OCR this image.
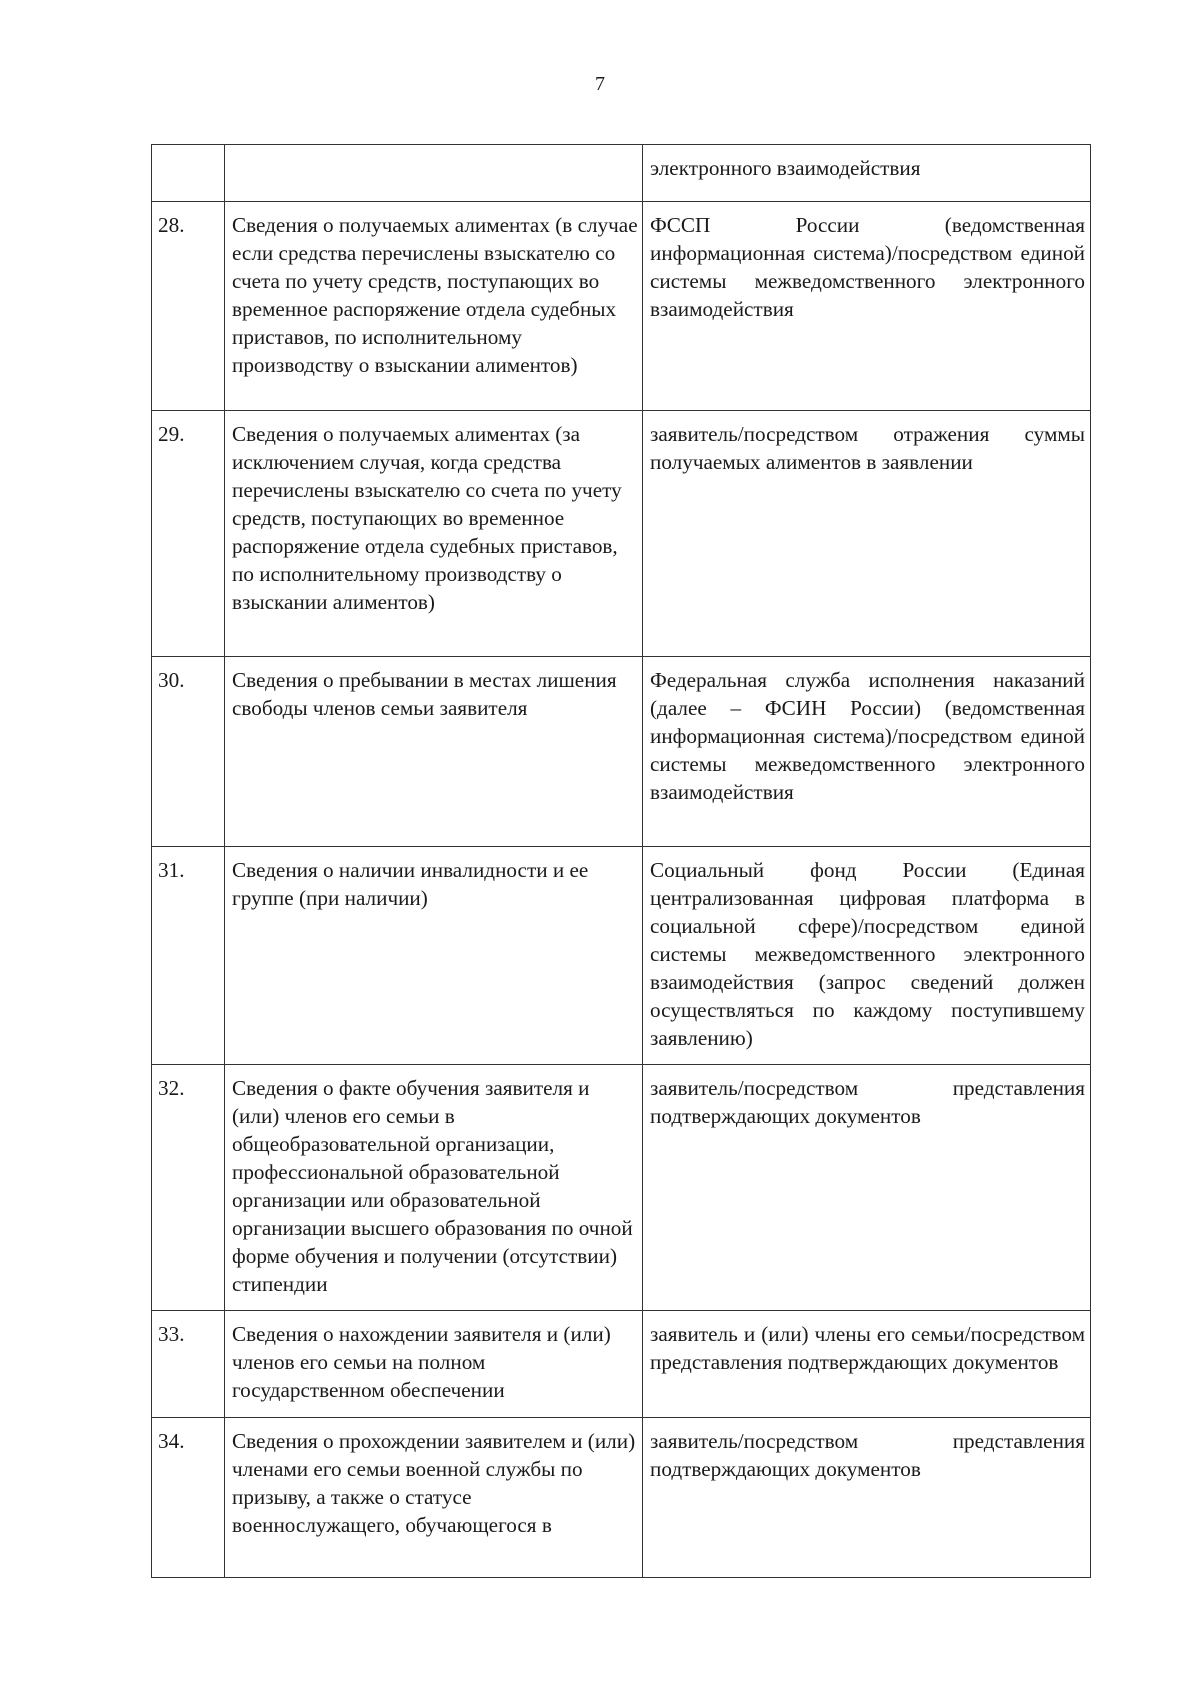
7
		электронного взаимодействия
28.	Сведения о получаемых алиментах (в случае если средства перечислены взыскателю со счета по учету средств, поступающих во временное распоряжение отдела судебных приставов, по исполнительному производству о взыскании алиментов)	ФССП России (ведомственная информационная система)/посредством единой системы межведомственного электронного взаимодействия
29.	Сведения о получаемых алиментах (за исключением случая, когда средства перечислены взыскателю со счета по учету средств, поступающих во временное распоряжение отдела судебных приставов, по исполнительному производству о взыскании алиментов)	заявитель/посредством отражения суммы получаемых алиментов в заявлении
30.	Сведения о пребывании в местах лишения свободы членов семьи заявителя	Федеральная служба исполнения наказаний (далее – ФСИН России) (ведомственная информационная система)/посредством единой системы межведомственного электронного взаимодействия
31.	Сведения о наличии инвалидности и ее группе (при наличии)	Социальный фонд России (Единая централизованная цифровая платформа в социальной сфере)/посредством единой системы межведомственного электронного взаимодействия (запрос сведений должен осуществляться по каждому поступившему заявлению)
32.	Сведения о факте обучения заявителя и (или) членов его семьи в общеобразовательной организации, профессиональной образовательной организации или образовательной организации высшего образования по очной форме обучения и получении (отсутствии) стипендии	заявитель/посредством представления подтверждающих документов
33.	Сведения о нахождении заявителя и (или) членов его семьи на полном государственном обеспечении	заявитель и (или) члены его семьи/посредством представления подтверждающих документов
34.	Сведения о прохождении заявителем и (или) членами его семьи военной службы по призыву, а также о статусе военнослужащего, обучающегося в	заявитель/посредством представления подтверждающих документов
